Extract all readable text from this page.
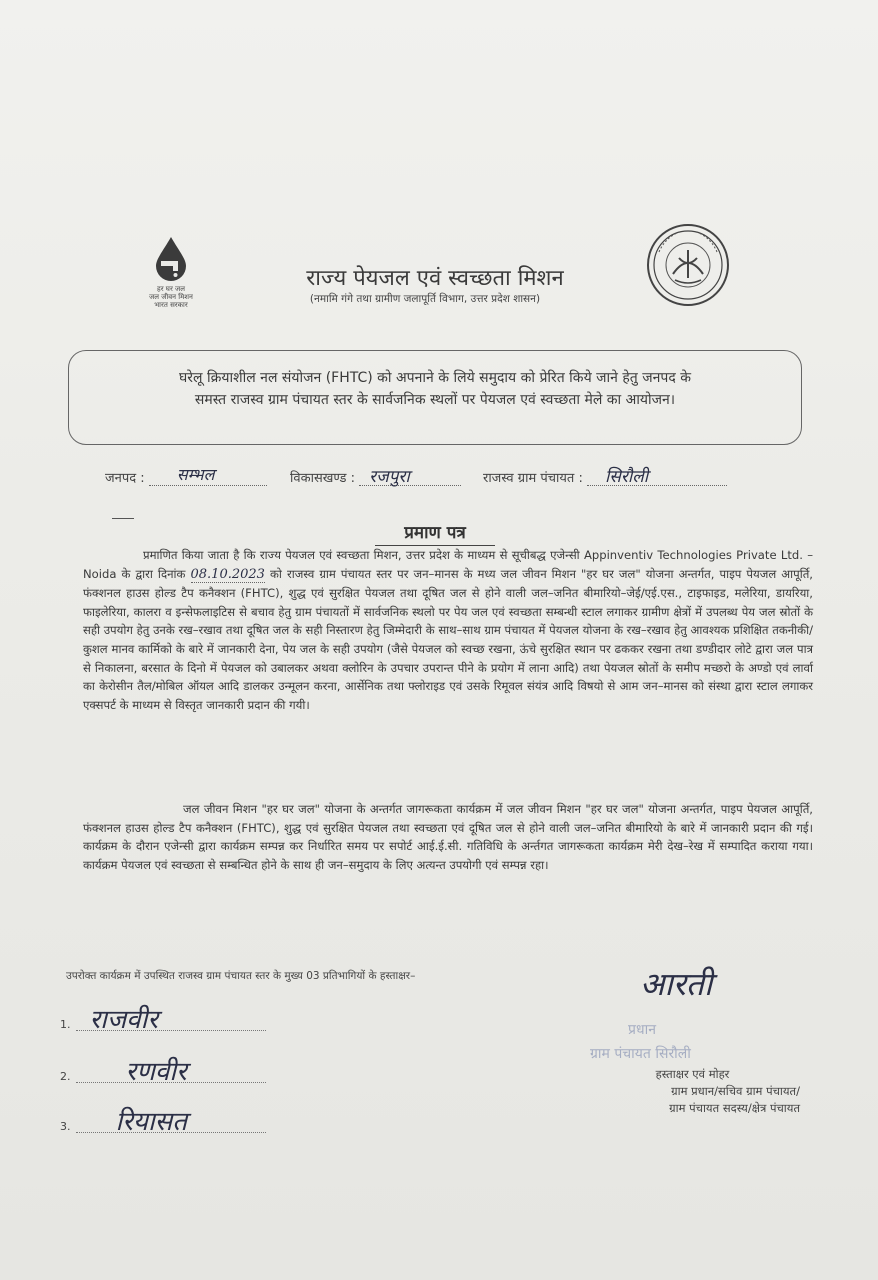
हर घर जल
जल जीवन मिशन
भारत सरकार
राज्य पेयजल एवं स्वच्छता मिशन
(नमामि गंगे तथा ग्रामीण जलापूर्ति विभाग, उत्तर प्रदेश शासन)
घरेलू क्रियाशील नल संयोजन (FHTC) को अपनाने के लिये समुदाय को प्रेरित किये जाने हेतु जनपद के
समस्त राजस्व ग्राम पंचायत स्तर के सार्वजनिक स्थलों पर पेयजल एवं स्वच्छता मेले का आयोजन।
जनपद : सम्भल	विकासखण्ड : रजपुरा	राजस्व ग्राम पंचायत : सिरौली
प्रमाण पत्र
प्रमाणित किया जाता है कि राज्य पेयजल एवं स्वच्छता मिशन, उत्तर प्रदेश के माध्यम से सूचीबद्ध एजेन्सी Appinventiv Technologies Private Ltd. – Noida के द्वारा दिनांक 08.10.2023 को राजस्व ग्राम पंचायत स्तर पर जन–मानस के मध्य जल जीवन मिशन "हर घर जल" योजना अन्तर्गत, पाइप पेयजल आपूर्ति, फंक्शनल हाउस होल्ड टैप कनैक्शन (FHTC), शुद्ध एवं सुरक्षित पेयजल तथा दूषित जल से होने वाली जल–जनित बीमारियो–जेई/एई.एस., टाइफाइड, मलेरिया, डायरिया, फाइलेरिया, कालरा व इन्सेफलाइटिस से बचाव हेतु ग्राम पंचायतों में सार्वजनिक स्थलो पर पेय जल एवं स्वच्छता सम्बन्धी स्टाल लगाकर ग्रामीण क्षेत्रों में उपलब्ध पेय जल स्रोतों के सही उपयोग हेतु उनके रख–रखाव तथा दूषित जल के सही निस्तारण हेतु जिम्मेदारी के साथ–साथ ग्राम पंचायत में पेयजल योजना के रख–रखाव हेतु आवश्यक प्रशिक्षित तकनीकी/कुशल मानव कार्मिको के बारे में जानकारी देना, पेय जल के सही उपयोग (जैसे पेयजल को स्वच्छ रखना, ऊंचे सुरक्षित स्थान पर ढककर रखना तथा डण्डीदार लोटे द्वारा जल पात्र से निकालना, बरसात के दिनो में पेयजल को उबालकर अथवा क्लोरिन के उपचार उपरान्त पीने के प्रयोग में लाना आदि) तथा पेयजल स्रोतों के समीप मच्छरो के अण्डो एवं लार्वा का केरोसीन तैल/मोबिल ऑयल आदि डालकर उन्मूलन करना, आर्सेनिक तथा फ्लोराइड एवं उसके रिमूवल संयंत्र आदि विषयो से आम जन–मानस को संस्था द्वारा स्टाल लगाकर एक्सपर्ट के माध्यम से विस्तृत जानकारी प्रदान की गयी।
जल जीवन मिशन "हर घर जल" योजना के अन्तर्गत जागरूकता कार्यक्रम में जल जीवन मिशन "हर घर जल" योजना अन्तर्गत, पाइप पेयजल आपूर्ति, फंक्शनल हाउस होल्ड टैप कनैक्शन (FHTC), शुद्ध एवं सुरक्षित पेयजल तथा स्वच्छता एवं दूषित जल से होने वाली जल–जनित बीमारियो के बारे में जानकारी प्रदान की गई। कार्यक्रम के दौरान एजेन्सी द्वारा कार्यक्रम सम्पन्न कर निर्धारित समय पर सपोर्ट आई.ई.सी. गतिविधि के अर्न्तगत जागरूकता कार्यक्रम मेरी देख–रेख में सम्पादित कराया गया। कार्यक्रम पेयजल एवं स्वच्छता से सम्बन्धित होने के साथ ही जन–समुदाय के लिए अत्यन्त उपयोगी एवं सम्पन्न रहा।
उपरोक्त कार्यक्रम में उपस्थित राजस्व ग्राम पंचायत स्तर के मुख्य 03 प्रतिभागियों के हस्ताक्षर–
1. राजवीर
2. रणवीर
3. रियासत
आरती
प्रधान
ग्राम पंचायत सिरौली
हस्ताक्षर एवं मोहर
ग्राम प्रधान/सचिव ग्राम पंचायत/
ग्राम पंचायत सदस्य/क्षेत्र पंचायत
